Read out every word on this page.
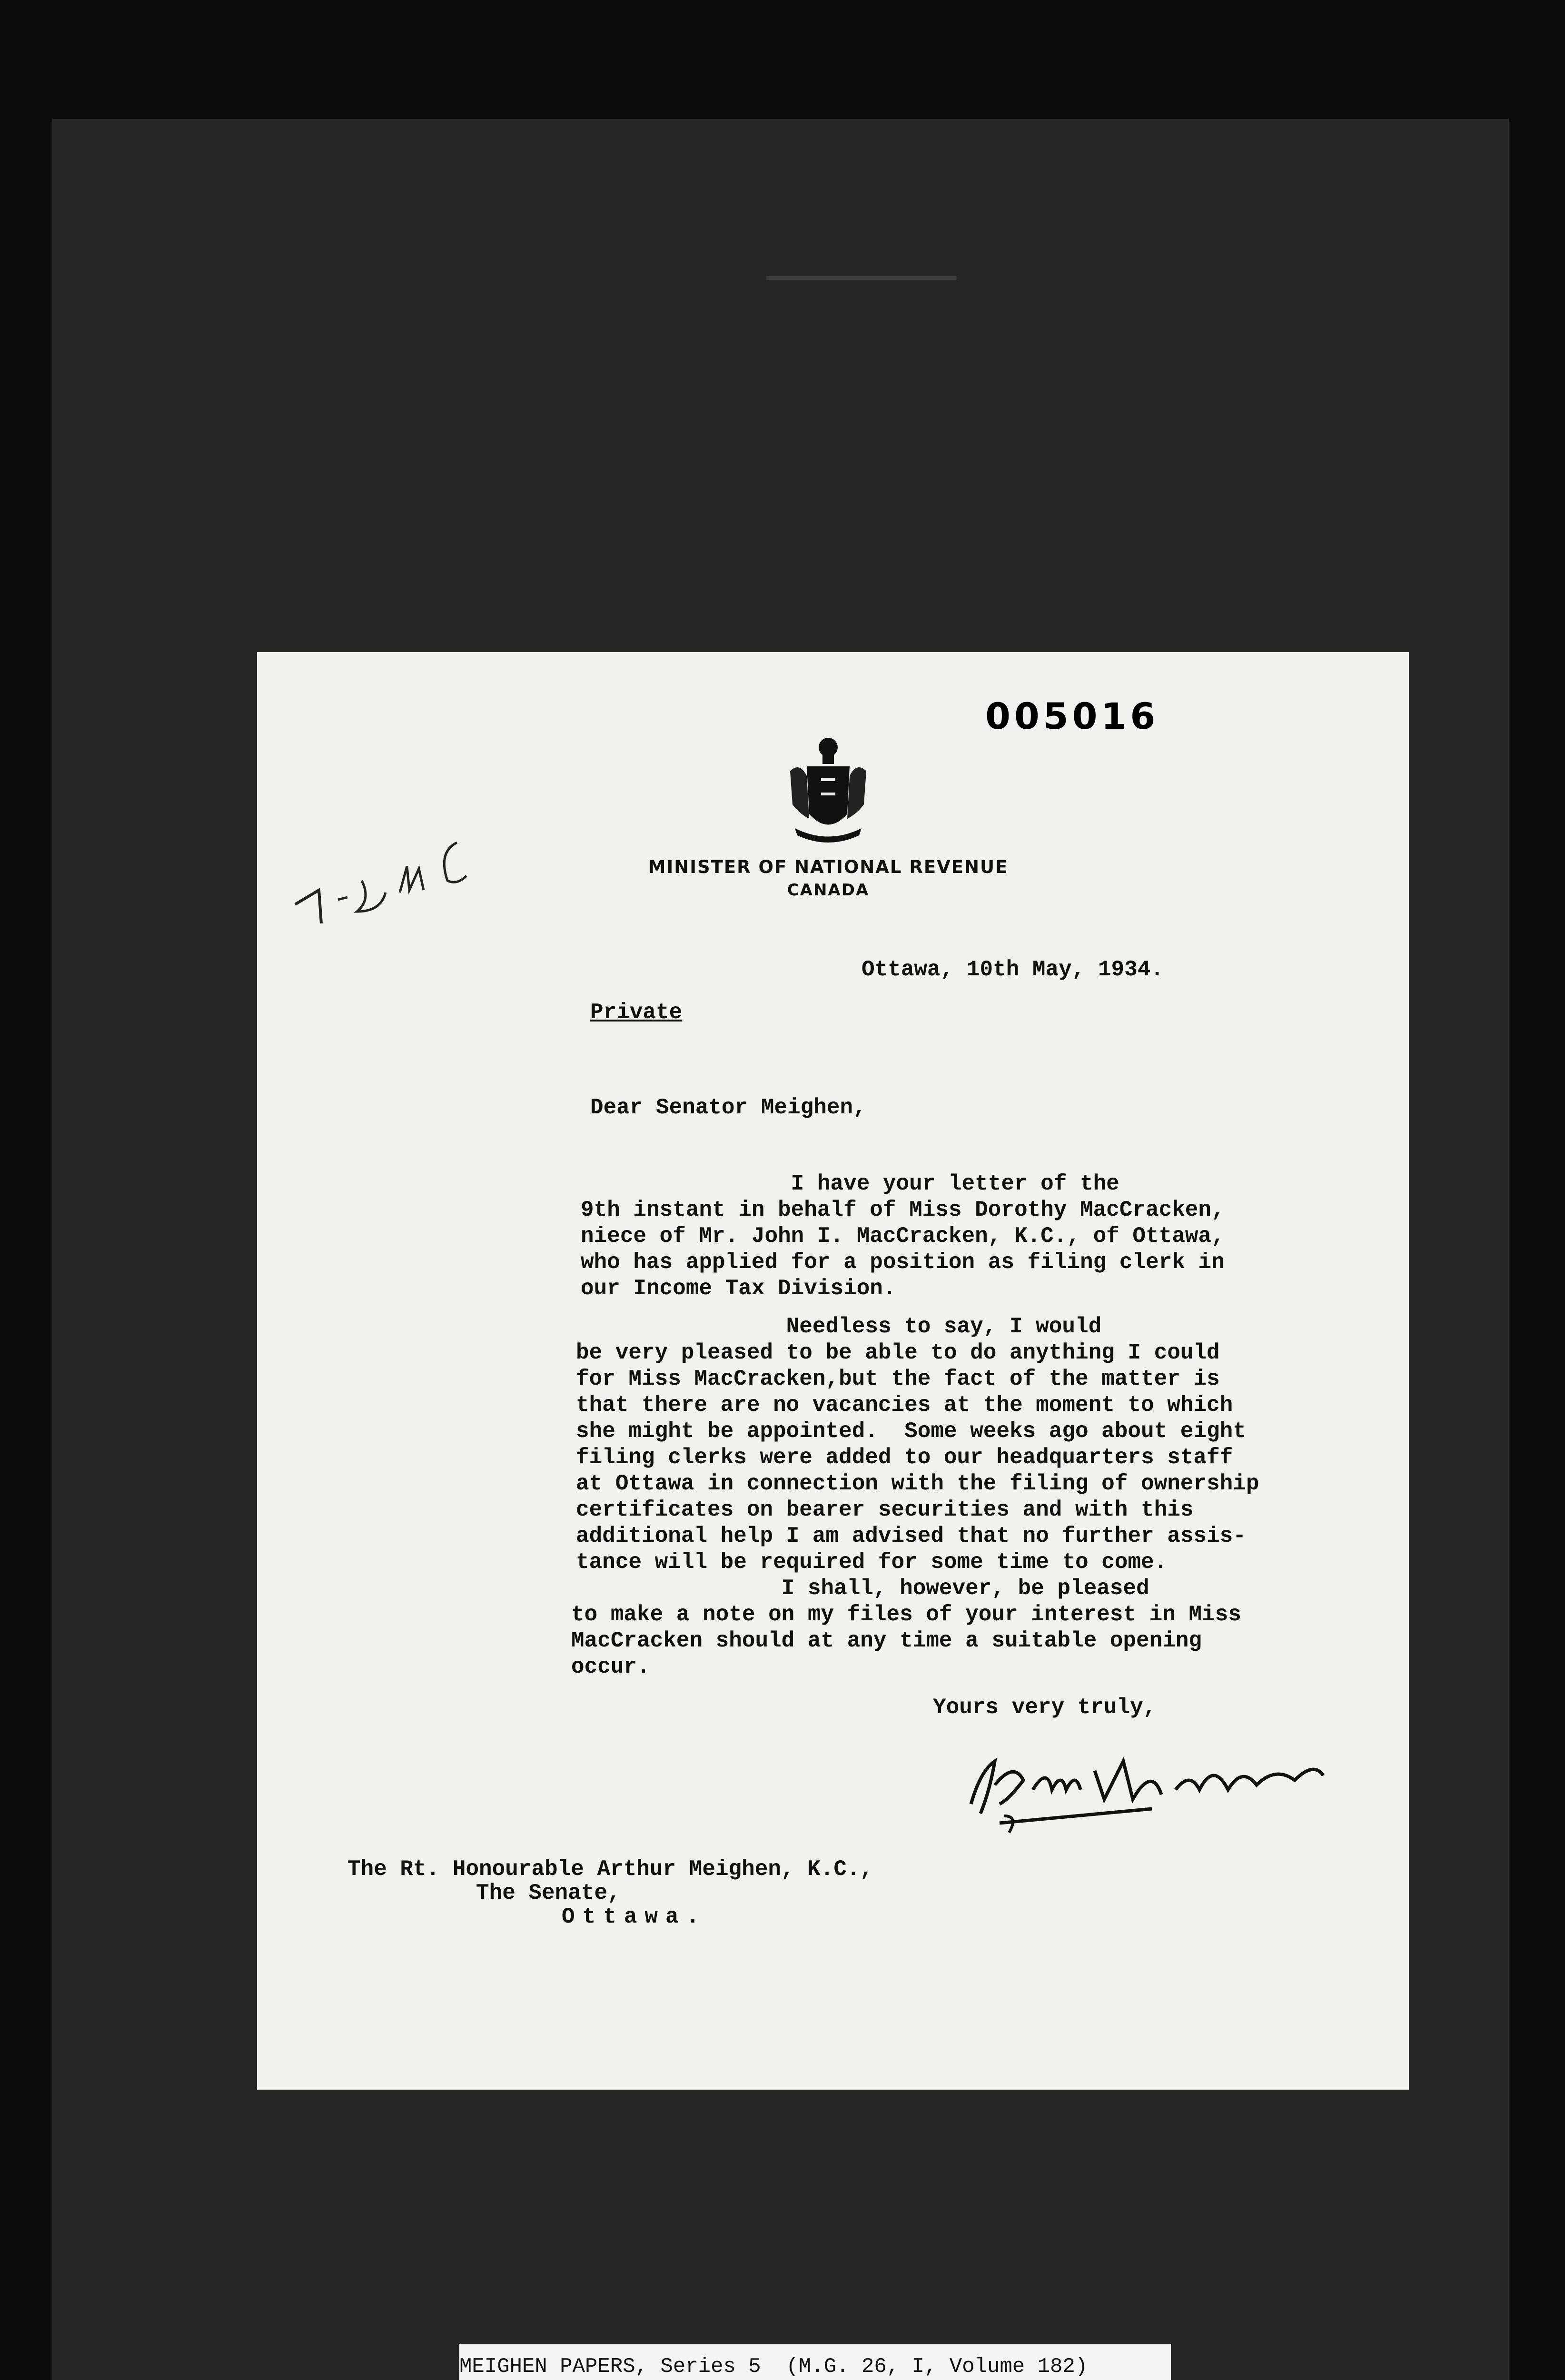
005016
MINISTER OF NATIONAL REVENUE
CANADA
Ottawa, 10th May, 1934.
Private
Dear Senator Meighen,
I have your letter of the
9th instant in behalf of Miss Dorothy MacCracken,
niece of Mr. John I. MacCracken, K.C., of Ottawa,
who has applied for a position as filing clerk in
our Income Tax Division.
Needless to say, I would
be very pleased to be able to do anything I could
for Miss MacCracken,but the fact of the matter is
that there are no vacancies at the moment to which
she might be appointed.  Some weeks ago about eight
filing clerks were added to our headquarters staff
at Ottawa in connection with the filing of ownership
certificates on bearer securities and with this
additional help I am advised that no further assis-
tance will be required for some time to come.
I shall, however, be pleased
to make a note on my files of your interest in Miss
MacCracken should at any time a suitable opening
occur.
Yours very truly,
The Rt. Honourable Arthur Meighen, K.C.,
The Senate,
Ottawa.
MEIGHEN PAPERS, Series 5  (M.G. 26, I, Volume 182)
